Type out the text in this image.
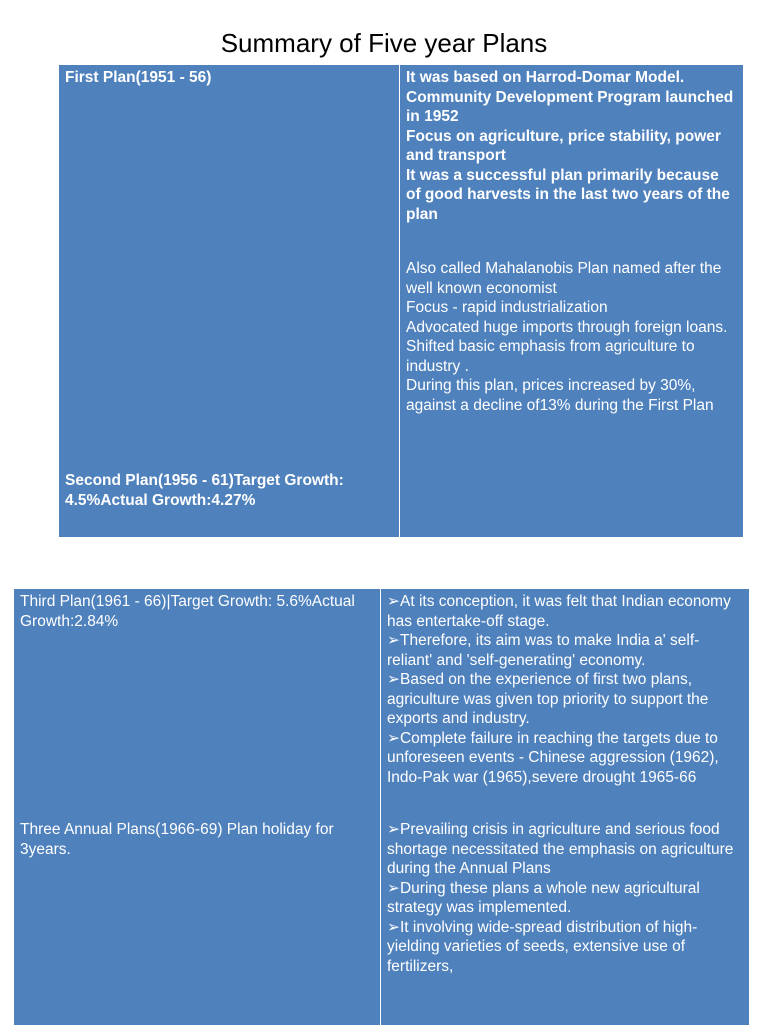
Summary of Five year Plans
First Plan(1951 - 56)	It was based on Harrod-Domar Model.
Community Development Program launched in 1952
Focus on agriculture, price stability, power and transport
It was a successful plan primarily because of good harvests in the last two years of the plan
Second Plan(1956 - 61)Target Growth: 4.5%Actual Growth:4.27%
Also called Mahalanobis Plan named after the well known economist
Focus - rapid industrialization
Advocated huge imports through foreign loans.
Shifted basic emphasis from agriculture to industry .
During this plan, prices increased by 30%, against a decline of13% during the First Plan
Third Plan(1961 - 66)|Target Growth: 5.6%Actual Growth:2.84%
➢At its conception, it was felt that Indian economy has entertake-off stage.
➢Therefore, its aim was to make India a' self-reliant' and 'self-generating' economy.
➢Based on the experience of first two plans, agriculture was given top priority to support the exports and industry.
➢Complete failure in reaching the targets due to unforeseen events - Chinese aggression (1962), Indo-Pak war (1965),severe drought 1965-66
Three Annual Plans(1966-69) Plan holiday for 3years.
➢Prevailing crisis in agriculture and serious food shortage necessitated the emphasis on agriculture during the Annual Plans
➢During these plans a whole new agricultural strategy was implemented.
➢It involving wide-spread distribution of high-yielding varieties of seeds, extensive use of fertilizers,
